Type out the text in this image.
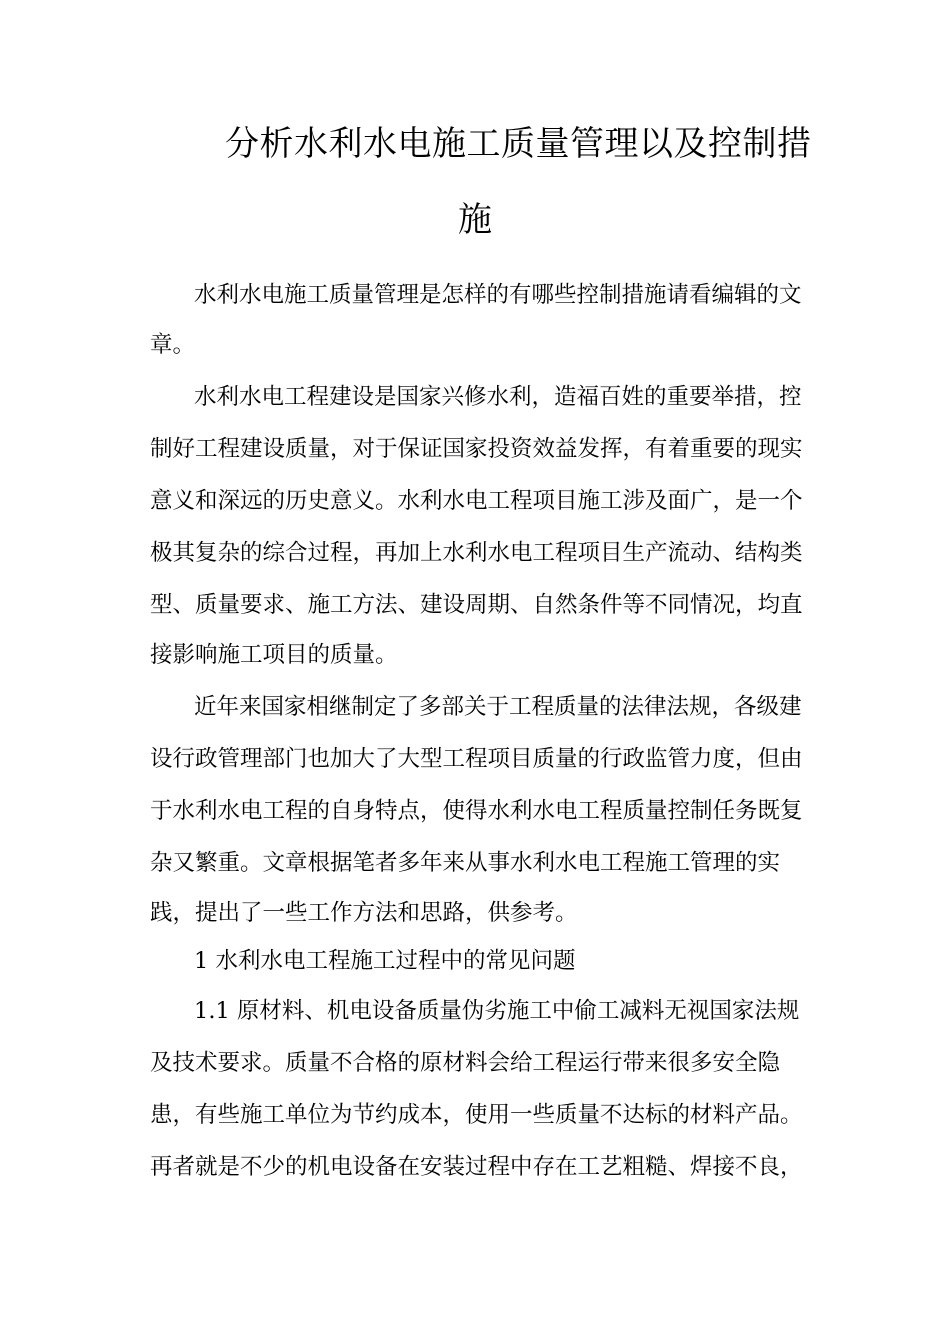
分析水利水电施工质量管理以及控制措
施
水利水电施工质量管理是怎样的有哪些控制措施请看编辑的文
章。
水利水电工程建设是国家兴修水利，造福百姓的重要举措，控
制好工程建设质量，对于保证国家投资效益发挥，有着重要的现实
意义和深远的历史意义。水利水电工程项目施工涉及面广，是一个
极其复杂的综合过程，再加上水利水电工程项目生产流动、结构类
型、质量要求、施工方法、建设周期、自然条件等不同情况，均直
接影响施工项目的质量。
近年来国家相继制定了多部关于工程质量的法律法规，各级建
设行政管理部门也加大了大型工程项目质量的行政监管力度，但由
于水利水电工程的自身特点，使得水利水电工程质量控制任务既复
杂又繁重。文章根据笔者多年来从事水利水电工程施工管理的实
践，提出了一些工作方法和思路，供参考。
1 水利水电工程施工过程中的常见问题
1.1 原材料、机电设备质量伪劣施工中偷工减料无视国家法规
及技术要求。质量不合格的原材料会给工程运行带来很多安全隐
患，有些施工单位为节约成本，使用一些质量不达标的材料产品。
再者就是不少的机电设备在安装过程中存在工艺粗糙、焊接不良，
